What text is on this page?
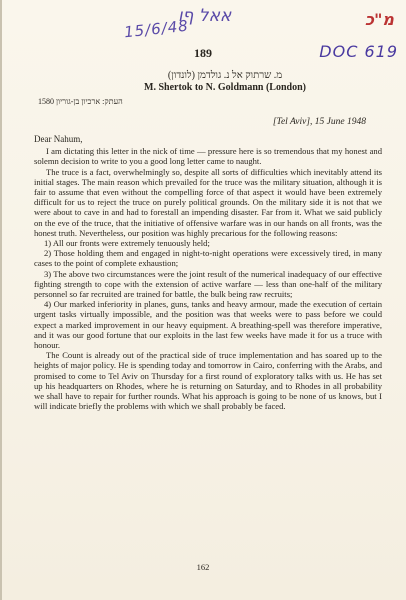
15/6/48
אאל ףו	מ"כ
DOC 619
189
מ. שרתוק אל נ. גולדמן (לונדון)
M. Shertok to N. Goldmann (London)
העתק: ארכיון בן-גוריון 1580
[Tel Aviv], 15 June 1948

Dear Nahum,

I am dictating this letter in the nick of time — pressure here is so tremendous that my honest and solemn decision to write to you a good long letter came to naught.

The truce is a fact, overwhelmingly so, despite all sorts of difficulties which inevitably attend its initial stages. The main reason which prevailed for the truce was the military situation, although it is fair to assume that even without the compelling force of that aspect it would have been extremely difficult for us to reject the truce on purely political grounds. On the military side it is not that we were about to cave in and had to forestall an impending disaster. Far from it. What we said publicly on the eve of the truce, that the initiative of offensive warfare was in our hands on all fronts, was the honest truth. Nevertheless, our position was highly precarious for the following reasons:

1) All our fronts were extremely tenuously held;

2) Those holding them and engaged in night-to-night operations were excessively tired, in many cases to the point of complete exhaustion;

3) The above two circumstances were the joint result of the numerical inadequacy of our effective fighting strength to cope with the extension of active warfare — less than one-half of the military personnel so far recruited are trained for battle, the bulk being raw recruits;

4) Our marked inferiority in planes, guns, tanks and heavy armour, made the execution of certain urgent tasks virtually impossible, and the position was that weeks were to pass before we could expect a marked improvement in our heavy equipment. A breathing-spell was therefore imperative, and it was our good fortune that our exploits in the last few weeks have made it for us a truce with honour.

The Count is already out of the practical side of truce implementation and has soared up to the heights of major policy. He is spending today and tomorrow in Cairo, conferring with the Arabs, and promised to come to Tel Aviv on Thursday for a first round of exploratory talks with us. He has set up his headquarters on Rhodes, where he is returning on Saturday, and to Rhodes in all probability we shall have to repair for further rounds. What his approach is going to be none of us knows, but I will indicate briefly the problems with which we shall probably be faced.

162
